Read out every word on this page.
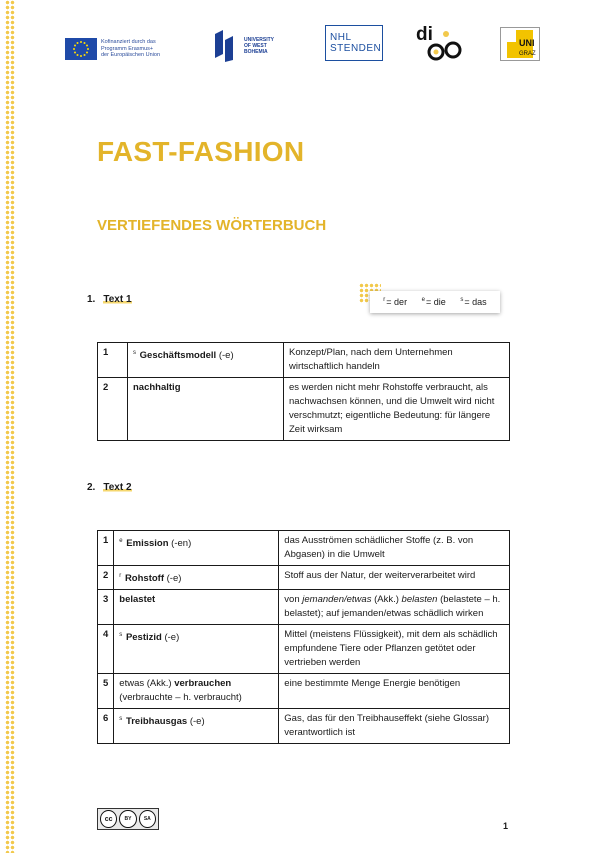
Kofinanziert durch das
Programm Erasmus+
der Europäischen Union
UNIVERSITY
OF WEST
BOHEMIA
NHL
STENDEN
di	UNI
GRAZ
FAST-FASHION
VERTIEFENDES WÖRTERBUCH
1. Text 1	$^r$= der $^e$= die $^s$= das
1	$^s$ Geschäftsmodell (-e)	Konzept/Plan, nach dem Unternehmen wirtschaftlich handeln
2	nachhaltig	es werden nicht mehr Rohstoffe verbraucht, als nachwachsen können, und die Umwelt wird nicht verschmutzt; eigentliche Bedeutung: für längere Zeit wirksam
2. Text 2
1	$^e$ Emission (-en)	das Ausströmen schädlicher Stoffe (z. B. von Abgasen) in die Umwelt
2	$^r$ Rohstoff (-e)	Stoff aus der Natur, der weiterverarbeitet wird
3	belastet	von jemanden/etwas (Akk.) belasten (belastete – h. belastet); auf jemanden/etwas schädlich wirken
4	$^s$ Pestizid (-e)	Mittel (meistens Flüssigkeit), mit dem als schädlich empfundene Tiere oder Pflanzen getötet oder vertrieben werden
5	etwas (Akk.) verbrauchen
(verbrauchte – h. verbraucht)	eine bestimmte Menge Energie benötigen
6	$^s$ Treibhausgas (-e)	Gas, das für den Treibhauseffekt (siehe Glossar) verantwortlich ist
cc	BY	SA
1
